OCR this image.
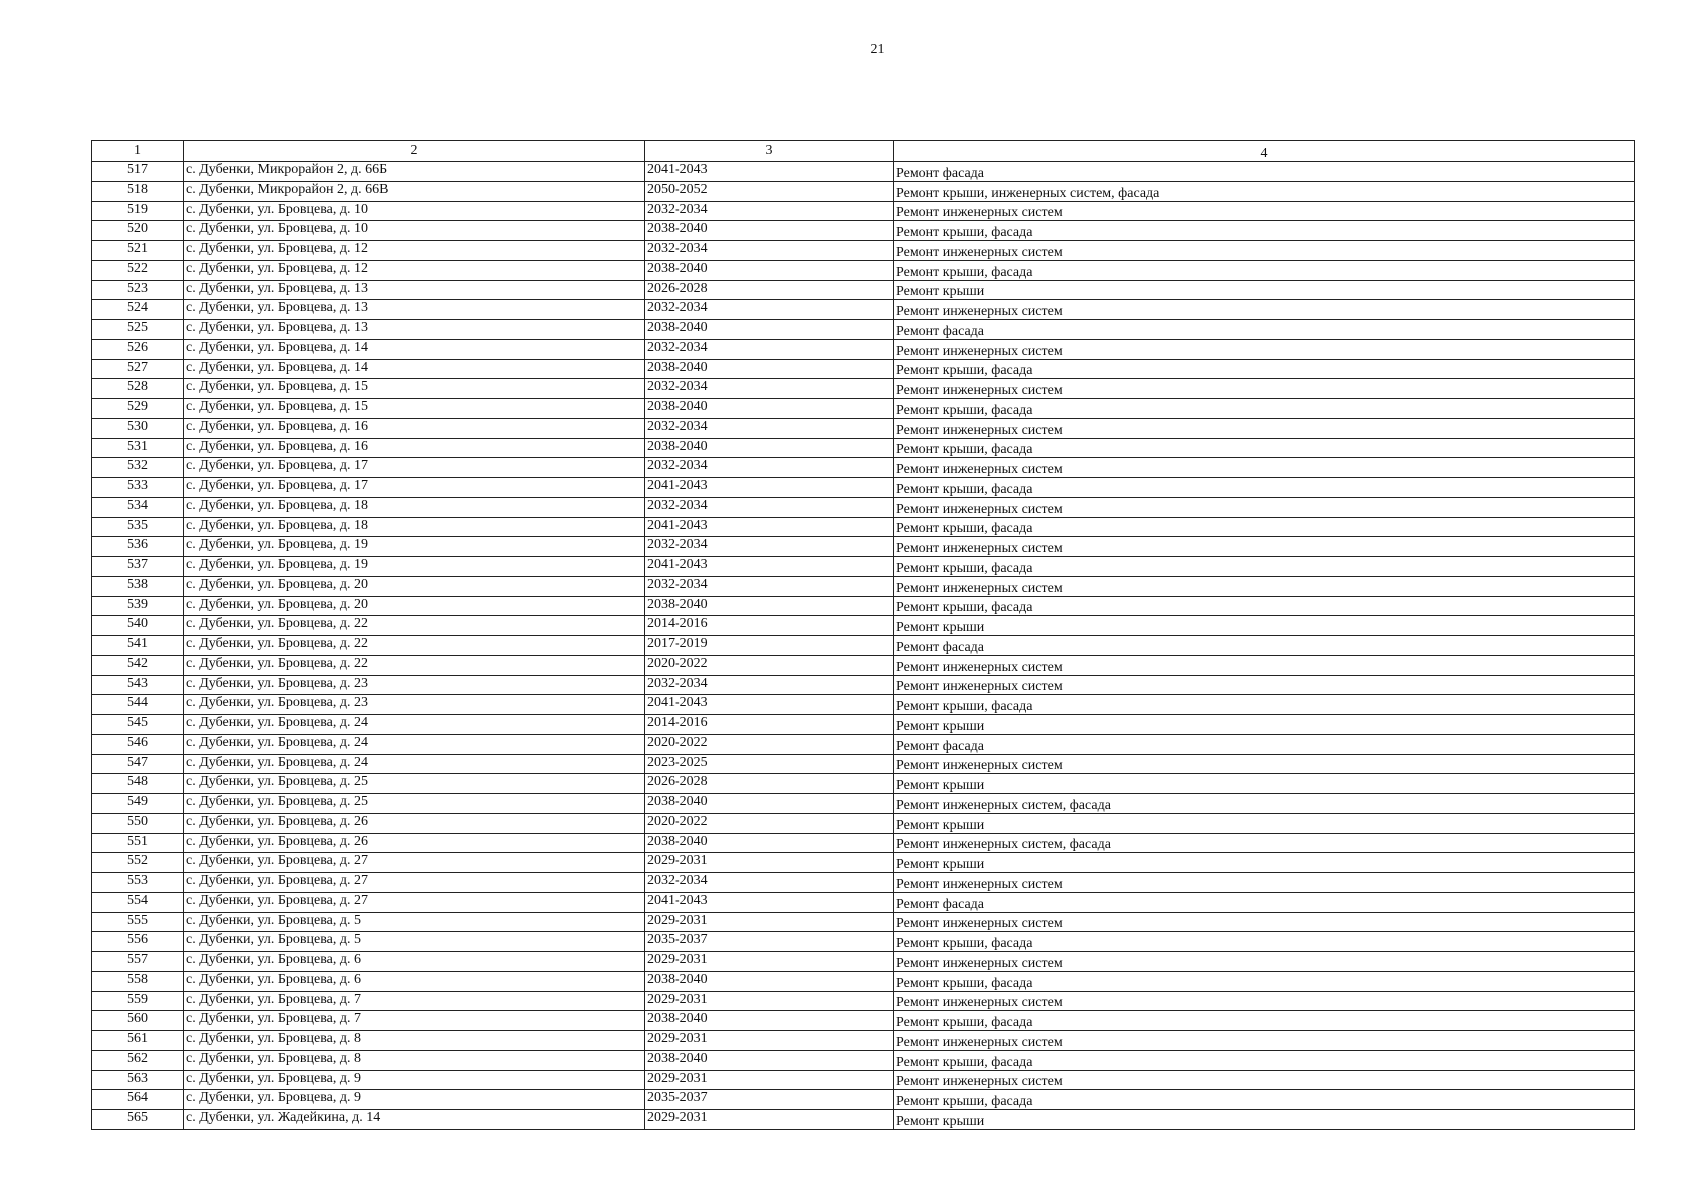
21
1	2	3	4
517	с. Дубенки, Микрорайон 2, д. 66Б	2041-2043	Ремонт фасада
518	с. Дубенки, Микрорайон 2, д. 66В	2050-2052	Ремонт крыши, инженерных систем, фасада
519	с. Дубенки, ул. Бровцева, д. 10	2032-2034	Ремонт инженерных систем
520	с. Дубенки, ул. Бровцева, д. 10	2038-2040	Ремонт крыши, фасада
521	с. Дубенки, ул. Бровцева, д. 12	2032-2034	Ремонт инженерных систем
522	с. Дубенки, ул. Бровцева, д. 12	2038-2040	Ремонт крыши, фасада
523	с. Дубенки, ул. Бровцева, д. 13	2026-2028	Ремонт крыши
524	с. Дубенки, ул. Бровцева, д. 13	2032-2034	Ремонт инженерных систем
525	с. Дубенки, ул. Бровцева, д. 13	2038-2040	Ремонт фасада
526	с. Дубенки, ул. Бровцева, д. 14	2032-2034	Ремонт инженерных систем
527	с. Дубенки, ул. Бровцева, д. 14	2038-2040	Ремонт крыши, фасада
528	с. Дубенки, ул. Бровцева, д. 15	2032-2034	Ремонт инженерных систем
529	с. Дубенки, ул. Бровцева, д. 15	2038-2040	Ремонт крыши, фасада
530	с. Дубенки, ул. Бровцева, д. 16	2032-2034	Ремонт инженерных систем
531	с. Дубенки, ул. Бровцева, д. 16	2038-2040	Ремонт крыши, фасада
532	с. Дубенки, ул. Бровцева, д. 17	2032-2034	Ремонт инженерных систем
533	с. Дубенки, ул. Бровцева, д. 17	2041-2043	Ремонт крыши, фасада
534	с. Дубенки, ул. Бровцева, д. 18	2032-2034	Ремонт инженерных систем
535	с. Дубенки, ул. Бровцева, д. 18	2041-2043	Ремонт крыши, фасада
536	с. Дубенки, ул. Бровцева, д. 19	2032-2034	Ремонт инженерных систем
537	с. Дубенки, ул. Бровцева, д. 19	2041-2043	Ремонт крыши, фасада
538	с. Дубенки, ул. Бровцева, д. 20	2032-2034	Ремонт инженерных систем
539	с. Дубенки, ул. Бровцева, д. 20	2038-2040	Ремонт крыши, фасада
540	с. Дубенки, ул. Бровцева, д. 22	2014-2016	Ремонт крыши
541	с. Дубенки, ул. Бровцева, д. 22	2017-2019	Ремонт фасада
542	с. Дубенки, ул. Бровцева, д. 22	2020-2022	Ремонт инженерных систем
543	с. Дубенки, ул. Бровцева, д. 23	2032-2034	Ремонт инженерных систем
544	с. Дубенки, ул. Бровцева, д. 23	2041-2043	Ремонт крыши, фасада
545	с. Дубенки, ул. Бровцева, д. 24	2014-2016	Ремонт крыши
546	с. Дубенки, ул. Бровцева, д. 24	2020-2022	Ремонт фасада
547	с. Дубенки, ул. Бровцева, д. 24	2023-2025	Ремонт инженерных систем
548	с. Дубенки, ул. Бровцева, д. 25	2026-2028	Ремонт крыши
549	с. Дубенки, ул. Бровцева, д. 25	2038-2040	Ремонт инженерных систем, фасада
550	с. Дубенки, ул. Бровцева, д. 26	2020-2022	Ремонт крыши
551	с. Дубенки, ул. Бровцева, д. 26	2038-2040	Ремонт инженерных систем, фасада
552	с. Дубенки, ул. Бровцева, д. 27	2029-2031	Ремонт крыши
553	с. Дубенки, ул. Бровцева, д. 27	2032-2034	Ремонт инженерных систем
554	с. Дубенки, ул. Бровцева, д. 27	2041-2043	Ремонт фасада
555	с. Дубенки, ул. Бровцева, д. 5	2029-2031	Ремонт инженерных систем
556	с. Дубенки, ул. Бровцева, д. 5	2035-2037	Ремонт крыши, фасада
557	с. Дубенки, ул. Бровцева, д. 6	2029-2031	Ремонт инженерных систем
558	с. Дубенки, ул. Бровцева, д. 6	2038-2040	Ремонт крыши, фасада
559	с. Дубенки, ул. Бровцева, д. 7	2029-2031	Ремонт инженерных систем
560	с. Дубенки, ул. Бровцева, д. 7	2038-2040	Ремонт крыши, фасада
561	с. Дубенки, ул. Бровцева, д. 8	2029-2031	Ремонт инженерных систем
562	с. Дубенки, ул. Бровцева, д. 8	2038-2040	Ремонт крыши, фасада
563	с. Дубенки, ул. Бровцева, д. 9	2029-2031	Ремонт инженерных систем
564	с. Дубенки, ул. Бровцева, д. 9	2035-2037	Ремонт крыши, фасада
565	с. Дубенки, ул. Жадейкина, д. 14	2029-2031	Ремонт крыши
